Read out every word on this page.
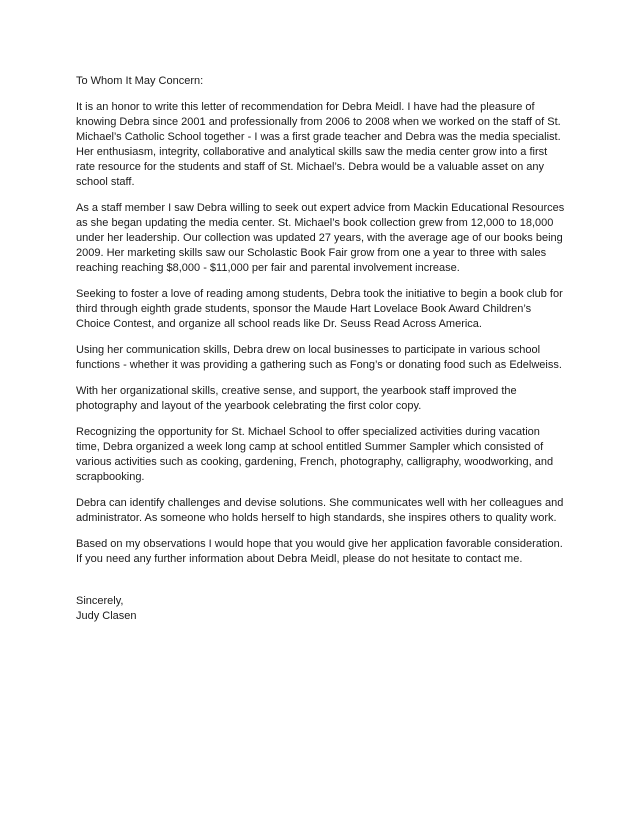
To Whom It May Concern:

It is an honor to write this letter of recommendation for Debra Meidl. I have had the pleasure of knowing Debra since 2001 and professionally from 2006 to 2008 when we worked on the staff of St. Michael’s Catholic School together - I was a first grade teacher and Debra was the media specialist. Her enthusiasm, integrity, collaborative and analytical skills saw the media center grow into a first rate resource for the students and staff of St. Michael’s. Debra would be a valuable asset on any school staff.

As a staff member I saw Debra willing to seek out expert advice from Mackin Educational Resources as she began updating the media center. St. Michael’s book collection grew from 12,000 to 18,000 under her leadership. Our collection was updated 27 years, with the average age of our books being 2009. Her marketing skills saw our Scholastic Book Fair grow from one a year to three with sales reaching reaching $8,000 - $11,000 per fair and parental involvement increase.

Seeking to foster a love of reading among students, Debra took the initiative to begin a book club for third through eighth grade students, sponsor the Maude Hart Lovelace Book Award Children’s Choice Contest, and organize all school reads like Dr. Seuss Read Across America.

Using her communication skills, Debra drew on local businesses to participate in various school functions - whether it was providing a gathering such as Fong’s or donating food such as Edelweiss.

With her organizational skills, creative sense, and support, the yearbook staff improved the photography and layout of the yearbook celebrating the first color copy.

Recognizing the opportunity for St. Michael School to offer specialized activities during vacation time, Debra organized a week long camp at school entitled Summer Sampler which consisted of various activities such as cooking, gardening, French, photography, calligraphy, woodworking, and scrapbooking.

Debra can identify challenges and devise solutions. She communicates well with her colleagues and administrator. As someone who holds herself to high standards, she inspires others to quality work.

Based on my observations I would hope that you would give her application favorable consideration. If you need any further information about Debra Meidl, please do not hesitate to contact me.

Sincerely,
Judy Clasen
